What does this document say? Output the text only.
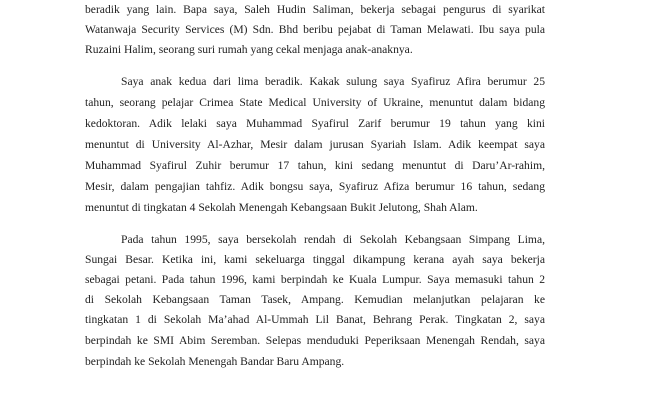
beradik yang lain. Bapa saya, Saleh Hudin Saliman, bekerja sebagai pengurus di syarikat

Watanwaja Security Services (M) Sdn. Bhd beribu pejabat di Taman Melawati. Ibu saya pula

Ruzaini Halim, seorang suri rumah yang cekal menjaga anak-anaknya.

Saya anak kedua dari lima beradik. Kakak sulung saya Syafiruz Afira berumur 25

tahun, seorang pelajar Crimea State Medical University of Ukraine, menuntut dalam bidang

kedoktoran. Adik lelaki saya Muhammad Syafirul Zarif berumur 19 tahun yang kini

menuntut di University Al-Azhar, Mesir dalam jurusan Syariah Islam. Adik keempat saya

Muhammad Syafirul Zuhir berumur 17 tahun, kini sedang menuntut di Daru’Ar-rahim,

Mesir, dalam pengajian tahfiz. Adik bongsu saya, Syafiruz Afiza berumur 16 tahun, sedang

menuntut di tingkatan 4 Sekolah Menengah Kebangsaan Bukit Jelutong, Shah Alam.

Pada tahun 1995, saya bersekolah rendah di Sekolah Kebangsaan Simpang Lima,

Sungai Besar. Ketika ini, kami sekeluarga tinggal dikampung kerana ayah saya bekerja

sebagai petani. Pada tahun 1996, kami berpindah ke Kuala Lumpur. Saya memasuki tahun 2

di Sekolah Kebangsaan Taman Tasek, Ampang. Kemudian melanjutkan pelajaran ke

tingkatan 1 di Sekolah Ma’ahad Al-Ummah Lil Banat, Behrang Perak. Tingkatan 2, saya

berpindah ke SMI Abim Seremban. Selepas menduduki Peperiksaan Menengah Rendah, saya

berpindah ke Sekolah Menengah Bandar Baru Ampang.
